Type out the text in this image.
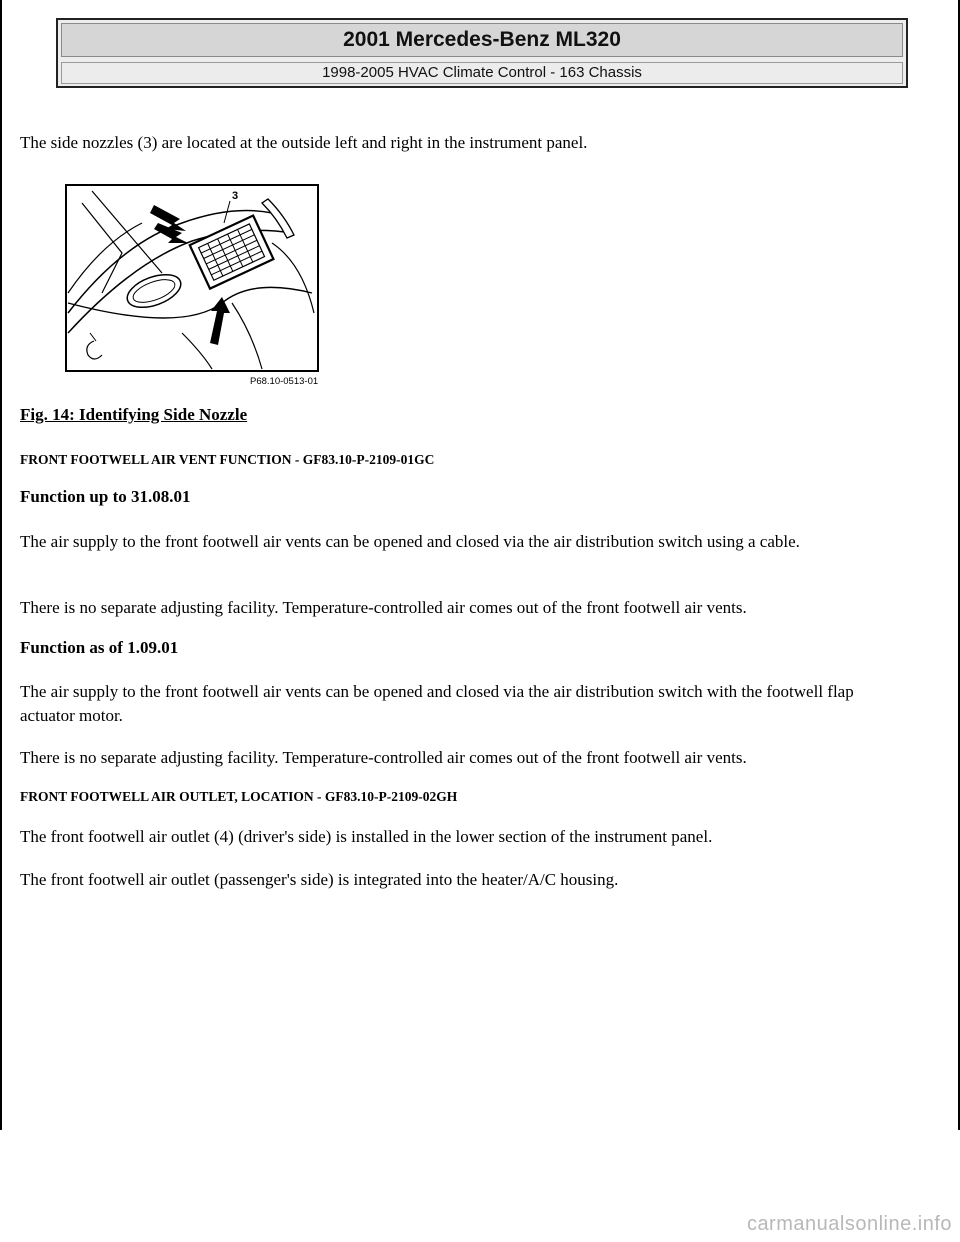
2001 Mercedes-Benz ML320
1998-2005 HVAC Climate Control - 163 Chassis

The side nozzles (3) are located at the outside left and right in the instrument panel.

3
P68.10-0513-01
Fig. 14: Identifying Side Nozzle
FRONT FOOTWELL AIR VENT FUNCTION - GF83.10-P-2109-01GC
Function up to 31.08.01

The air supply to the front footwell air vents can be opened and closed via the air distribution switch using a cable.

There is no separate adjusting facility. Temperature-controlled air comes out of the front footwell air vents.

Function as of 1.09.01

The air supply to the front footwell air vents can be opened and closed via the air distribution switch with the footwell flap actuator motor.

There is no separate adjusting facility. Temperature-controlled air comes out of the front footwell air vents.

FRONT FOOTWELL AIR OUTLET, LOCATION - GF83.10-P-2109-02GH

The front footwell air outlet (4) (driver's side) is installed in the lower section of the instrument panel.

The front footwell air outlet (passenger's side) is integrated into the heater/A/C housing.

carmanualsonline.info
